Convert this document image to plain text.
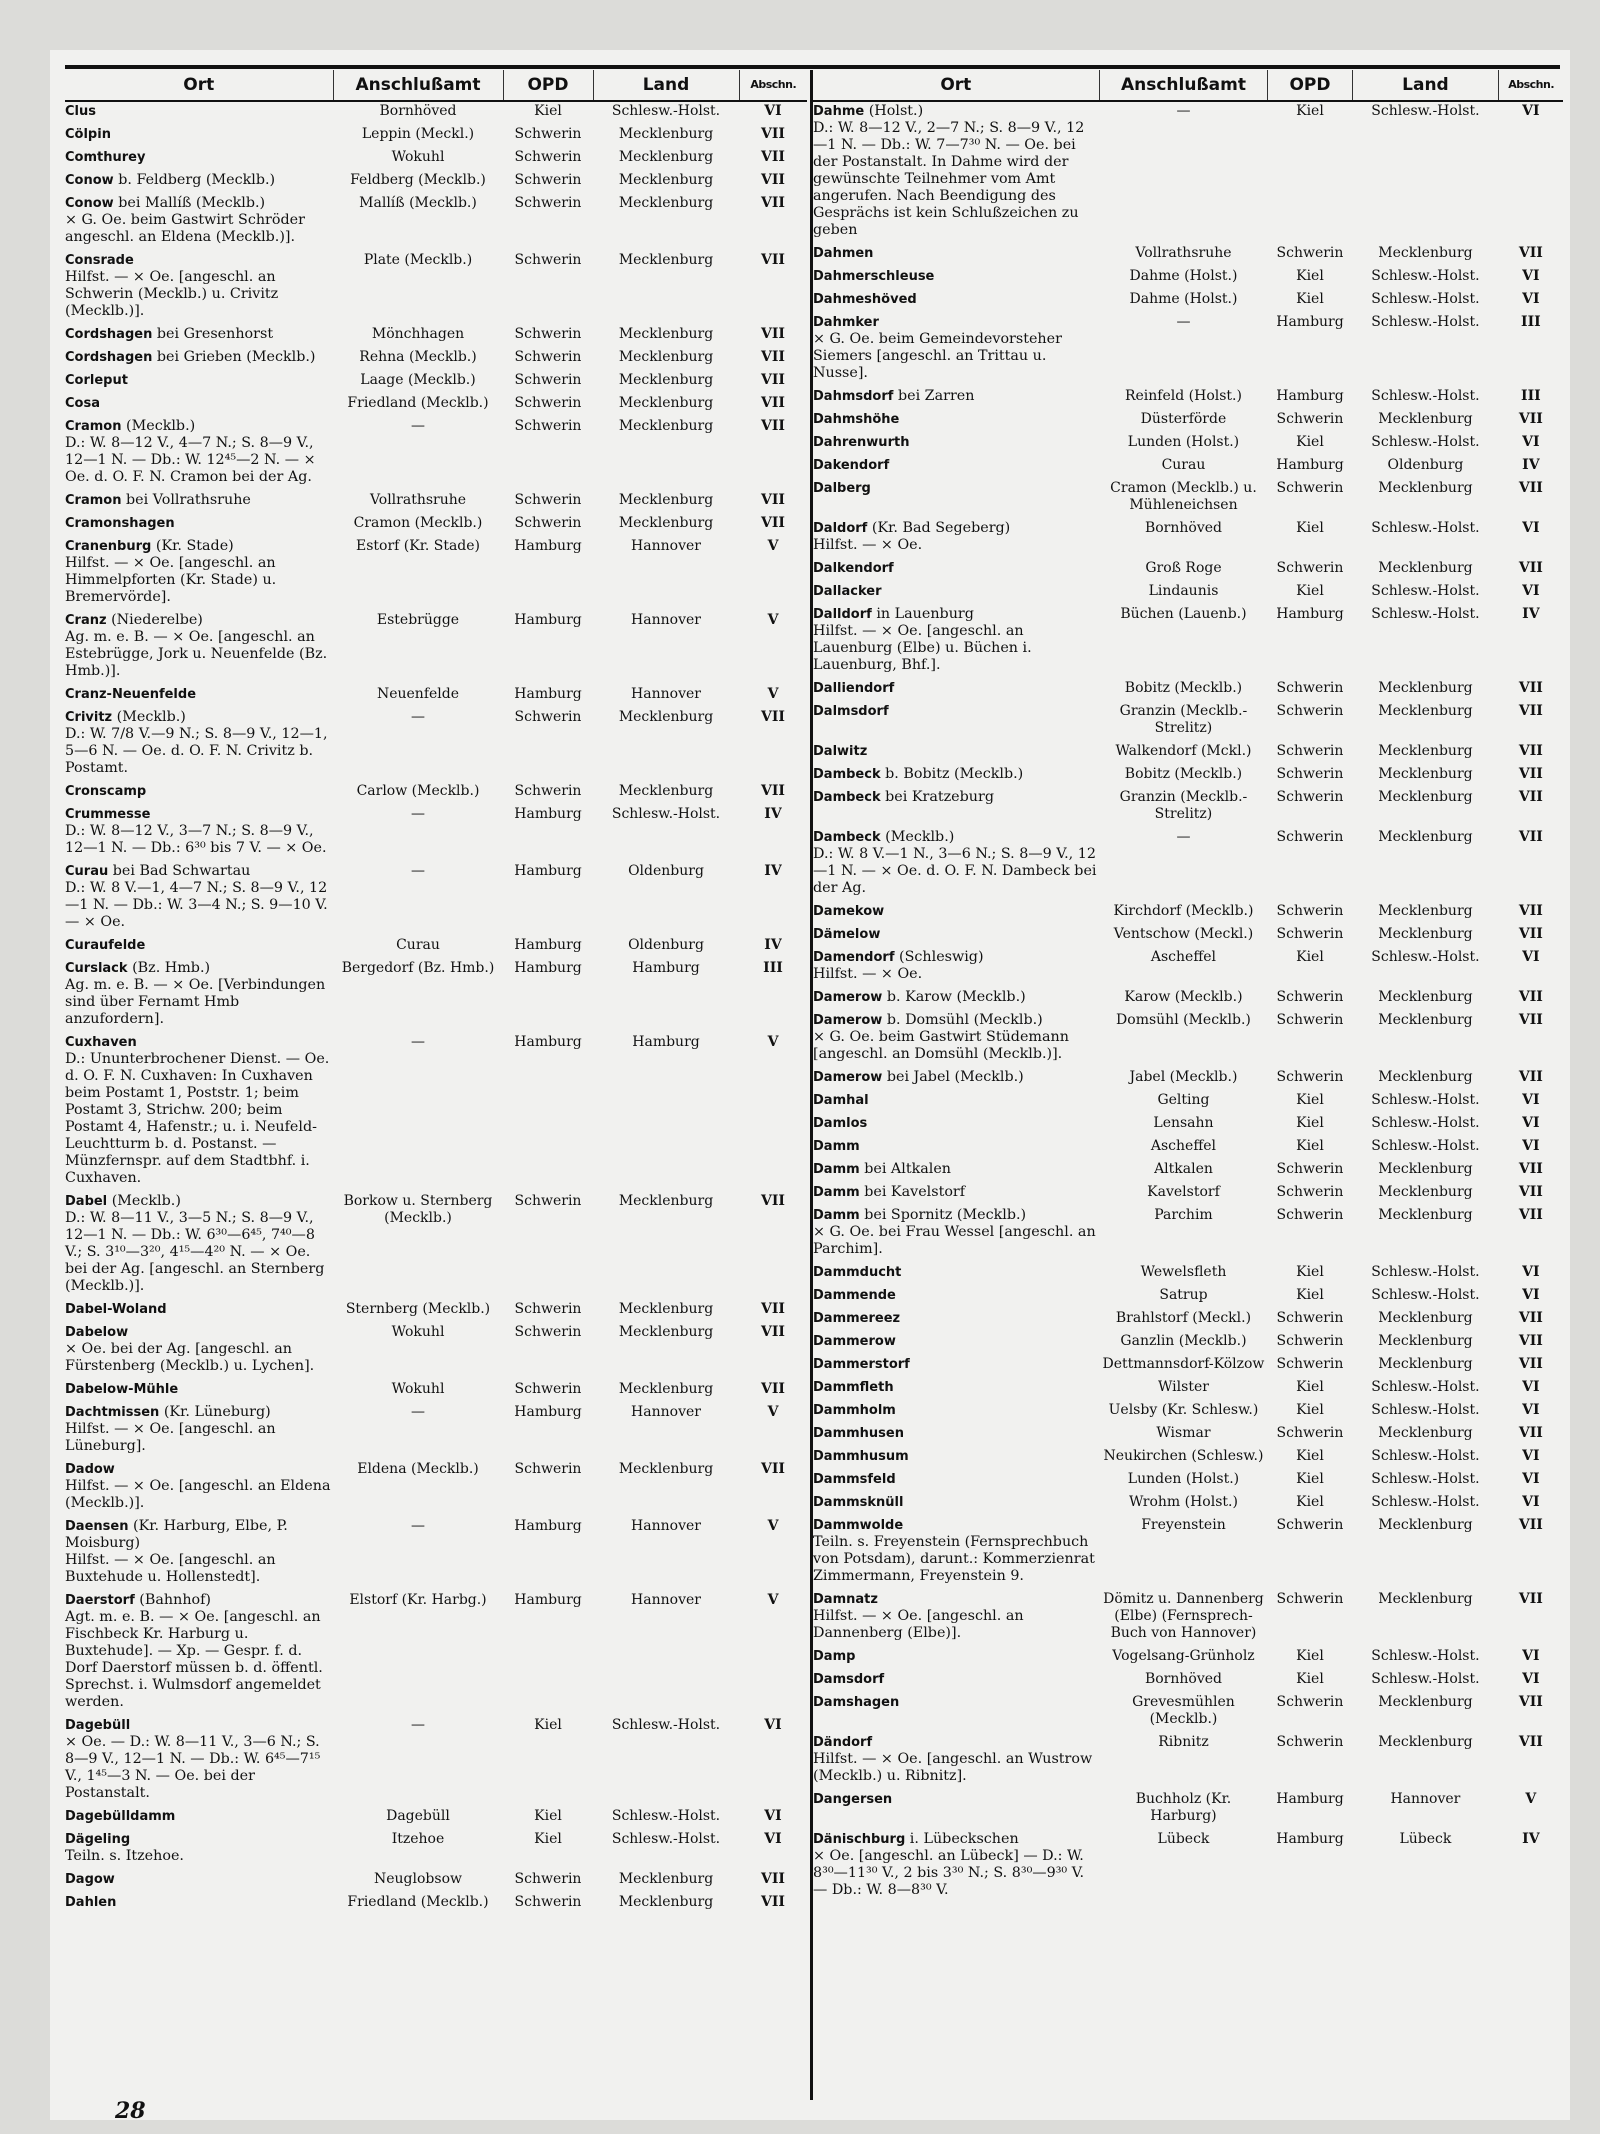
Ort	Anschlußamt	OPD	Land	Abschn.
Clus	Bornhöved	Kiel	Schlesw.-Holst.	VI
Cölpin	Leppin (Meckl.)	Schwerin	Mecklenburg	VII
Comthurey	Wokuhl	Schwerin	Mecklenburg	VII
Conow b. Feldberg (Mecklb.)	Feldberg (Mecklb.)	Schwerin	Mecklenburg	VII
Conow bei Mallíß (Mecklb.)
× G. Oe. beim Gastwirt Schröder angeschl. an Eldena (Mecklb.)].	Mallíß (Mecklb.)	Schwerin	Mecklenburg	VII
Consrade
Hilfst. — × Oe. [angeschl. an Schwerin (Mecklb.) u. Crivitz (Mecklb.)].	Plate (Mecklb.)	Schwerin	Mecklenburg	VII
Cordshagen bei Gresenhorst	Mönchhagen	Schwerin	Mecklenburg	VII
Cordshagen bei Grieben (Mecklb.)	Rehna (Mecklb.)	Schwerin	Mecklenburg	VII
Corleput	Laage (Mecklb.)	Schwerin	Mecklenburg	VII
Cosa	Friedland (Mecklb.)	Schwerin	Mecklenburg	VII
Cramon (Mecklb.)
D.: W. 8—12 V., 4—7 N.; S. 8—9 V., 12—1 N. — Db.: W. 12⁴⁵—2 N. — × Oe. d. O. F. N. Cramon bei der Ag.	—	Schwerin	Mecklenburg	VII
Cramon bei Vollrathsruhe	Vollrathsruhe	Schwerin	Mecklenburg	VII
Cramonshagen	Cramon (Mecklb.)	Schwerin	Mecklenburg	VII
Cranenburg (Kr. Stade)
Hilfst. — × Oe. [angeschl. an Himmelpforten (Kr. Stade) u. Bremervörde].	Estorf (Kr. Stade)	Hamburg	Hannover	V
Cranz (Niederelbe)
Ag. m. e. B. — × Oe. [angeschl. an Estebrügge, Jork u. Neuenfelde (Bz. Hmb.)].	Estebrügge	Hamburg	Hannover	V
Cranz-Neuenfelde	Neuenfelde	Hamburg	Hannover	V
Crivitz (Mecklb.)
D.: W. 7/8 V.—9 N.; S. 8—9 V., 12—1, 5—6 N. — Oe. d. O. F. N. Crivitz b. Postamt.	—	Schwerin	Mecklenburg	VII
Cronscamp	Carlow (Mecklb.)	Schwerin	Mecklenburg	VII
Crummesse
D.: W. 8—12 V., 3—7 N.; S. 8—9 V., 12—1 N. — Db.: 6³⁰ bis 7 V. — × Oe.	—	Hamburg	Schlesw.-Holst.	IV
Curau bei Bad Schwartau
D.: W. 8 V.—1, 4—7 N.; S. 8—9 V., 12—1 N. — Db.: W. 3—4 N.; S. 9—10 V. — × Oe.	—	Hamburg	Oldenburg	IV
Curaufelde	Curau	Hamburg	Oldenburg	IV
Curslack (Bz. Hmb.)
Ag. m. e. B. — × Oe. [Verbindungen sind über Fernamt Hmb anzufordern].	Bergedorf (Bz. Hmb.)	Hamburg	Hamburg	III
Cuxhaven
D.: Ununterbrochener Dienst. — Oe. d. O. F. N. Cuxhaven: In Cuxhaven beim Postamt 1, Poststr. 1; beim Postamt 3, Strichw. 200; beim Postamt 4, Hafenstr.; u. i. Neufeld-Leuchtturm b. d. Postanst. — Münzfernspr. auf dem Stadtbhf. i. Cuxhaven.	—	Hamburg	Hamburg	V
Dabel (Mecklb.)
D.: W. 8—11 V., 3—5 N.; S. 8—9 V., 12—1 N. — Db.: W. 6³⁰—6⁴⁵, 7⁴⁰—8 V.; S. 3¹⁰—3²⁰, 4¹⁵—4²⁰ N. — × Oe. bei der Ag. [angeschl. an Sternberg (Mecklb.)].	Borkow u. Sternberg (Mecklb.)	Schwerin	Mecklenburg	VII
Dabel-Woland	Sternberg (Mecklb.)	Schwerin	Mecklenburg	VII
Dabelow
× Oe. bei der Ag. [angeschl. an Fürstenberg (Mecklb.) u. Lychen].	Wokuhl	Schwerin	Mecklenburg	VII
Dabelow-Mühle	Wokuhl	Schwerin	Mecklenburg	VII
Dachtmissen (Kr. Lüneburg)
Hilfst. — × Oe. [angeschl. an Lüneburg].	—	Hamburg	Hannover	V
Dadow
Hilfst. — × Oe. [angeschl. an Eldena (Mecklb.)].	Eldena (Mecklb.)	Schwerin	Mecklenburg	VII
Daensen (Kr. Harburg, Elbe, P. Moisburg)
Hilfst. — × Oe. [angeschl. an Buxtehude u. Hollenstedt].	—	Hamburg	Hannover	V
Daerstorf (Bahnhof)
Agt. m. e. B. — × Oe. [angeschl. an Fischbeck Kr. Harburg u. Buxtehude]. — Xp. — Gespr. f. d. Dorf Daerstorf müssen b. d. öffentl. Sprechst. i. Wulmsdorf angemeldet werden.	Elstorf (Kr. Harbg.)	Hamburg	Hannover	V
Dagebüll
× Oe. — D.: W. 8—11 V., 3—6 N.; S. 8—9 V., 12—1 N. — Db.: W. 6⁴⁵—7¹⁵ V., 1⁴⁵—3 N. — Oe. bei der Postanstalt.	—	Kiel	Schlesw.-Holst.	VI
Dagebülldamm	Dagebüll	Kiel	Schlesw.-Holst.	VI
Dägeling
Teiln. s. Itzehoe.	Itzehoe	Kiel	Schlesw.-Holst.	VI
Dagow	Neuglobsow	Schwerin	Mecklenburg	VII
Dahlen	Friedland (Mecklb.)	Schwerin	Mecklenburg	VII
Ort	Anschlußamt	OPD	Land	Abschn.
Dahme (Holst.)
D.: W. 8—12 V., 2—7 N.; S. 8—9 V., 12—1 N. — Db.: W. 7—7³⁰ N. — Oe. bei der Postanstalt. In Dahme wird der gewünschte Teilnehmer vom Amt angerufen. Nach Beendigung des Gesprächs ist kein Schlußzeichen zu geben	—	Kiel	Schlesw.-Holst.	VI
Dahmen	Vollrathsruhe	Schwerin	Mecklenburg	VII
Dahmerschleuse	Dahme (Holst.)	Kiel	Schlesw.-Holst.	VI
Dahmeshöved	Dahme (Holst.)	Kiel	Schlesw.-Holst.	VI
Dahmker
× G. Oe. beim Gemeindevorsteher Siemers [angeschl. an Trittau u. Nusse].	—	Hamburg	Schlesw.-Holst.	III
Dahmsdorf bei Zarren	Reinfeld (Holst.)	Hamburg	Schlesw.-Holst.	III
Dahmshöhe	Düsterförde	Schwerin	Mecklenburg	VII
Dahrenwurth	Lunden (Holst.)	Kiel	Schlesw.-Holst.	VI
Dakendorf	Curau	Hamburg	Oldenburg	IV
Dalberg	Cramon (Mecklb.) u. Mühleneichsen	Schwerin	Mecklenburg	VII
Daldorf (Kr. Bad Segeberg)
Hilfst. — × Oe.	Bornhöved	Kiel	Schlesw.-Holst.	VI
Dalkendorf	Groß Roge	Schwerin	Mecklenburg	VII
Dallacker	Lindaunis	Kiel	Schlesw.-Holst.	VI
Dalldorf in Lauenburg
Hilfst. — × Oe. [angeschl. an Lauenburg (Elbe) u. Büchen i. Lauenburg, Bhf.].	Büchen (Lauenb.)	Hamburg	Schlesw.-Holst.	IV
Dalliendorf	Bobitz (Mecklb.)	Schwerin	Mecklenburg	VII
Dalmsdorf	Granzin (Mecklb.-Strelitz)	Schwerin	Mecklenburg	VII
Dalwitz	Walkendorf (Mckl.)	Schwerin	Mecklenburg	VII
Dambeck b. Bobitz (Mecklb.)	Bobitz (Mecklb.)	Schwerin	Mecklenburg	VII
Dambeck bei Kratzeburg	Granzin (Mecklb.-Strelitz)	Schwerin	Mecklenburg	VII
Dambeck (Mecklb.)
D.: W. 8 V.—1 N., 3—6 N.; S. 8—9 V., 12—1 N. — × Oe. d. O. F. N. Dambeck bei der Ag.	—	Schwerin	Mecklenburg	VII
Damekow	Kirchdorf (Mecklb.)	Schwerin	Mecklenburg	VII
Dämelow	Ventschow (Meckl.)	Schwerin	Mecklenburg	VII
Damendorf (Schleswig)
Hilfst. — × Oe.	Ascheffel	Kiel	Schlesw.-Holst.	VI
Damerow b. Karow (Mecklb.)	Karow (Mecklb.)	Schwerin	Mecklenburg	VII
Damerow b. Domsühl (Mecklb.)
× G. Oe. beim Gastwirt Stüdemann [angeschl. an Domsühl (Mecklb.)].	Domsühl (Mecklb.)	Schwerin	Mecklenburg	VII
Damerow bei Jabel (Mecklb.)	Jabel (Mecklb.)	Schwerin	Mecklenburg	VII
Damhal	Gelting	Kiel	Schlesw.-Holst.	VI
Damlos	Lensahn	Kiel	Schlesw.-Holst.	VI
Damm	Ascheffel	Kiel	Schlesw.-Holst.	VI
Damm bei Altkalen	Altkalen	Schwerin	Mecklenburg	VII
Damm bei Kavelstorf	Kavelstorf	Schwerin	Mecklenburg	VII
Damm bei Spornitz (Mecklb.)
× G. Oe. bei Frau Wessel [angeschl. an Parchim].	Parchim	Schwerin	Mecklenburg	VII
Dammducht	Wewelsfleth	Kiel	Schlesw.-Holst.	VI
Dammende	Satrup	Kiel	Schlesw.-Holst.	VI
Dammereez	Brahlstorf (Meckl.)	Schwerin	Mecklenburg	VII
Dammerow	Ganzlin (Mecklb.)	Schwerin	Mecklenburg	VII
Dammerstorf	Dettmannsdorf-Kölzow	Schwerin	Mecklenburg	VII
Dammfleth	Wilster	Kiel	Schlesw.-Holst.	VI
Dammholm	Uelsby (Kr. Schlesw.)	Kiel	Schlesw.-Holst.	VI
Dammhusen	Wismar	Schwerin	Mecklenburg	VII
Dammhusum	Neukirchen (Schlesw.)	Kiel	Schlesw.-Holst.	VI
Dammsfeld	Lunden (Holst.)	Kiel	Schlesw.-Holst.	VI
Dammsknüll	Wrohm (Holst.)	Kiel	Schlesw.-Holst.	VI
Dammwolde
Teiln. s. Freyenstein (Fernsprechbuch von Potsdam), darunt.: Kommerzienrat Zimmermann, Freyenstein 9.	Freyenstein	Schwerin	Mecklenburg	VII
Damnatz
Hilfst. — × Oe. [angeschl. an Dannenberg (Elbe)].	Dömitz u. Dannenberg (Elbe) (Fernsprech-Buch von Hannover)	Schwerin	Mecklenburg	VII
Damp	Vogelsang-Grünholz	Kiel	Schlesw.-Holst.	VI
Damsdorf	Bornhöved	Kiel	Schlesw.-Holst.	VI
Damshagen	Grevesmühlen (Mecklb.)	Schwerin	Mecklenburg	VII
Dändorf
Hilfst. — × Oe. [angeschl. an Wustrow (Mecklb.) u. Ribnitz].	Ribnitz	Schwerin	Mecklenburg	VII
Dangersen	Buchholz (Kr. Harburg)	Hamburg	Hannover	V
Dänischburg i. Lübeckschen
× Oe. [angeschl. an Lübeck] — D.: W. 8³⁰—11³⁰ V., 2 bis 3³⁰ N.; S. 8³⁰—9³⁰ V. — Db.: W. 8—8³⁰ V.	Lübeck	Hamburg	Lübeck	IV
28
